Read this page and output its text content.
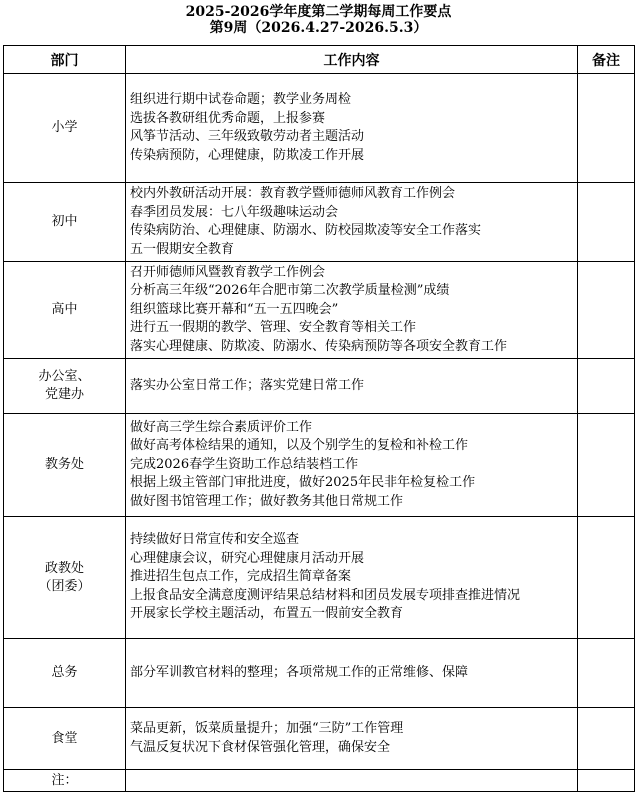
2025-2026学年度第二学期每周工作要点
第9周（2026.4.27-2026.5.3）
部门	工作内容	备注

小学	组织进行期中试卷命题；教学业务周检
选拔各教研组优秀命题，上报参赛
风筝节活动、三年级致敬劳动者主题活动
传染病预防，心理健康，防欺凌工作开展	

初中	校内外教研活动开展：教育教学暨师德师风教育工作例会
春季团员发展：七八年级趣味运动会
传染病防治、心理健康、防溺水、防校园欺凌等安全工作落实
五一假期安全教育	

高中	召开师德师风暨教育教学工作例会
分析高三年级“2026年合肥市第二次教学质量检测”成绩
组织篮球比赛开幕和“五一五四晚会”
进行五一假期的教学、管理、安全教育等相关工作
落实心理健康、防欺凌、防溺水、传染病预防等各项安全教育工作	

办公室、
党建办	落实办公室日常工作；落实党建日常工作	

教务处	做好高三学生综合素质评价工作
做好高考体检结果的通知，以及个别学生的复检和补检工作
完成2026春学生资助工作总结装档工作
根据上级主管部门审批进度，做好2025年民非年检复检工作
做好图书馆管理工作；做好教务其他日常规工作	

政教处
（团委）	持续做好日常宣传和安全巡查
心理健康会议，研究心理健康月活动开展
推进招生包点工作，完成招生简章备案
上报食品安全满意度测评结果总结材料和团员发展专项排查推进情况
开展家长学校主题活动，布置五一假前安全教育	

总务	部分军训教官材料的整理；各项常规工作的正常维修、保障	

食堂	菜品更新，饭菜质量提升；加强“三防”工作管理
气温反复状况下食材保管强化管理，确保安全	

注：		
